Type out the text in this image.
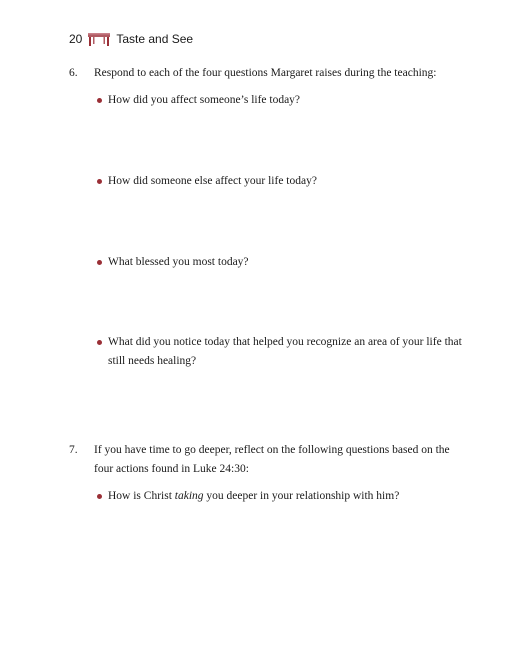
20	Taste and See
6. Respond to each of the four questions Margaret raises during the teaching:
How did you affect someone’s life today?
How did someone else affect your life today?
What blessed you most today?
What did you notice today that helped you recognize an area of your life that still needs healing?
7. If you have time to go deeper, reflect on the following questions based on the four actions found in Luke 24:30:
How is Christ taking you deeper in your relationship with him?
